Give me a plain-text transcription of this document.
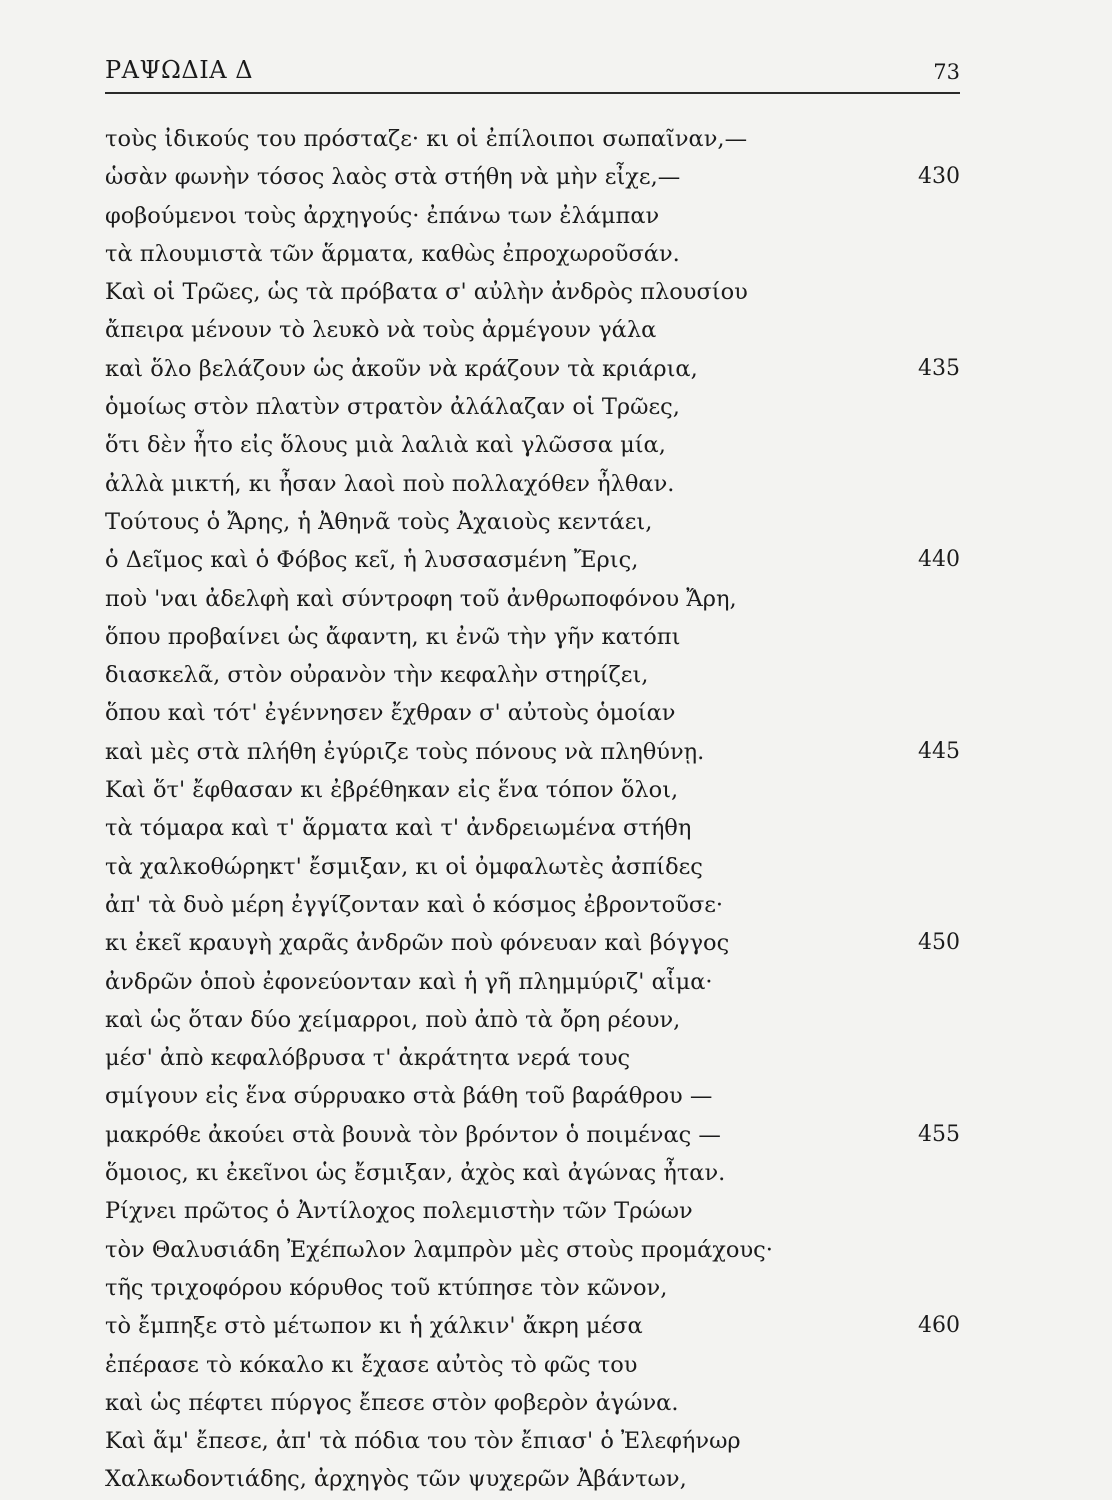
ΡΑΨΩΔΙΑ Δ	73
τοὺς ἰδικούς του πρόσταζε· κι οἱ ἐπίλοιποι σωπαῖναν,—
ὡσὰν φωνὴν τόσος λαὸς στὰ στήθη νὰ μὴν εἶχε,—	430
φοβούμενοι τοὺς ἀρχηγούς· ἐπάνω των ἐλάμπαν
τὰ πλουμιστὰ τῶν ἅρματα, καθὼς ἐπροχωροῦσάν.
Καὶ οἱ Τρῶες, ὡς τὰ πρόβατα σ' αὐλὴν ἀνδρὸς πλουσίου
ἄπειρα μένουν τὸ λευκὸ νὰ τοὺς ἀρμέγουν γάλα
καὶ ὅλο βελάζουν ὡς ἀκοῦν νὰ κράζουν τὰ κριάρια,	435
ὁμοίως στὸν πλατὺν στρατὸν ἀλάλαζαν οἱ Τρῶες,
ὅτι δὲν ἦτο εἰς ὅλους μιὰ λαλιὰ καὶ γλῶσσα μία,
ἀλλὰ μικτή, κι ἦσαν λαοὶ ποὺ πολλαχόθεν ἦλθαν.
Τούτους ὁ Ἄρης, ἡ Ἀθηνᾶ τοὺς Ἀχαιοὺς κεντάει,
ὁ Δεῖμος καὶ ὁ Φόβος κεῖ, ἡ λυσσασμένη Ἔρις,	440
ποὺ 'ναι ἀδελφὴ καὶ σύντροφη τοῦ ἀνθρωποφόνου Ἄρη,
ὅπου προβαίνει ὡς ἄφαντη, κι ἐνῶ τὴν γῆν κατόπι
διασκελᾶ, στὸν οὐρανὸν τὴν κεφαλὴν στηρίζει,
ὅπου καὶ τότ' ἐγέννησεν ἔχθραν σ' αὐτοὺς ὁμοίαν
καὶ μὲς στὰ πλήθη ἐγύριζε τοὺς πόνους νὰ πληθύνῃ.	445
Καὶ ὅτ' ἔφθασαν κι ἐβρέθηκαν εἰς ἕνα τόπον ὅλοι,
τὰ τόμαρα καὶ τ' ἅρματα καὶ τ' ἀνδρειωμένα στήθη
τὰ χαλκοθώρηκτ' ἔσμιξαν, κι οἱ ὀμφαλωτὲς ἀσπίδες
ἀπ' τὰ δυὸ μέρη ἐγγίζονταν καὶ ὁ κόσμος ἐβροντοῦσε·
κι ἐκεῖ κραυγὴ χαρᾶς ἀνδρῶν ποὺ φόνευαν καὶ βόγγος	450
ἀνδρῶν ὁποὺ ἐφονεύονταν καὶ ἡ γῆ πλημμύριζ' αἷμα·
καὶ ὡς ὅταν δύο χείμαρροι, ποὺ ἀπὸ τὰ ὄρη ρέουν,
μέσ' ἀπὸ κεφαλόβρυσα τ' ἀκράτητα νερά τους
σμίγουν εἰς ἕνα σύρρυακο στὰ βάθη τοῦ βαράθρου —
μακρόθε ἀκούει στὰ βουνὰ τὸν βρόντον ὁ ποιμένας —	455
ὅμοιος, κι ἐκεῖνοι ὡς ἔσμιξαν, ἀχὸς καὶ ἀγώνας ἦταν.
Ρίχνει πρῶτος ὁ Ἀντίλοχος πολεμιστὴν τῶν Τρώων
τὸν Θαλυσιάδη Ἐχέπωλον λαμπρὸν μὲς στοὺς προμάχους·
τῆς τριχοφόρου κόρυθος τοῦ κτύπησε τὸν κῶνον,
τὸ ἔμπηξε στὸ μέτωπον κι ἡ χάλκιν' ἄκρη μέσα	460
ἐπέρασε τὸ κόκαλο κι ἔχασε αὐτὸς τὸ φῶς του
καὶ ὡς πέφτει πύργος ἔπεσε στὸν φοβερὸν ἀγώνα.
Καὶ ἅμ' ἔπεσε, ἀπ' τὰ πόδια του τὸν ἔπιασ' ὁ Ἐλεφήνωρ
Χαλκωδοντιάδης, ἀρχηγὸς τῶν ψυχερῶν Ἀβάντων,
